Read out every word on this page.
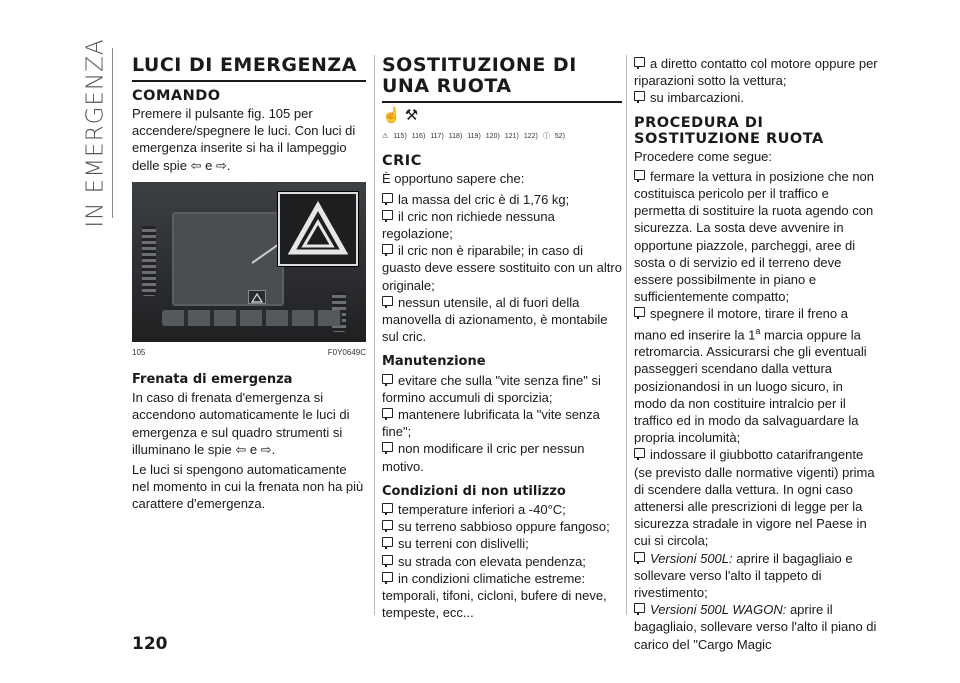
IN EMERGENZA LUCI DI EMERGENZA
COMANDO

Premere il pulsante fig. 105 per accendere/spegnere le luci. Con luci di emergenza inserite si ha il lampeggio delle spie ⇦ e ⇨.

105	F0Y0649C
Frenata di emergenza

In caso di frenata d'emergenza si accendono automaticamente le luci di emergenza e sul quadro strumenti si illuminano le spie ⇦ e ⇨.

Le luci si spengono automaticamente nel momento in cui la frenata non ha più carattere d'emergenza.

SOSTITUZIONE DI UNA RUOTA
☝ ⚒
⚠ 115) 116) 117) 118) 119) 120) 121) 122) ⓘ 52)
CRIC

È opportuno sapere che:

la massa del cric è di 1,76 kg;
il cric non richiede nessuna regolazione;
il cric non è riparabile; in caso di guasto deve essere sostituito con un altro originale;
nessun utensile, al di fuori della manovella di azionamento, è montabile sul cric.
Manutenzione
evitare che sulla "vite senza fine" si formino accumuli di sporcizia;
mantenere lubrificata la "vite senza fine";
non modificare il cric per nessun motivo.
Condizioni di non utilizzo
temperature inferiori a -40°C;
su terreno sabbioso oppure fangoso;
su terreni con dislivelli;
su strada con elevata pendenza;
in condizioni climatiche estreme: temporali, tifoni, cicloni, bufere di neve, tempeste, ecc...
a diretto contatto col motore oppure per riparazioni sotto la vettura;
su imbarcazioni.
PROCEDURA DI SOSTITUZIONE RUOTA

Procedere come segue:

fermare la vettura in posizione che non costituisca pericolo per il traffico e permetta di sostituire la ruota agendo con sicurezza. La sosta deve avvenire in opportune piazzole, parcheggi, aree di sosta o di servizio ed il terreno deve essere possibilmente in piano e sufficientemente compatto;
spegnere il motore, tirare il freno a mano ed inserire la 1$^a$ marcia oppure la retromarcia. Assicurarsi che gli eventuali passeggeri scendano dalla vettura posizionandosi in un luogo sicuro, in modo da non costituire intralcio per il traffico ed in modo da salvaguardare la propria incolumità;
indossare il giubbotto catarifrangente (se previsto dalle normative vigenti) prima di scendere dalla vettura. In ogni caso attenersi alle prescrizioni di legge per la sicurezza stradale in vigore nel Paese in cui si circola;
Versioni 500L: aprire il bagagliaio e sollevare verso l'alto il tappeto di rivestimento;
Versioni 500L WAGON: aprire il bagagliaio, sollevare verso l'alto il piano di carico del "Cargo Magic
120
